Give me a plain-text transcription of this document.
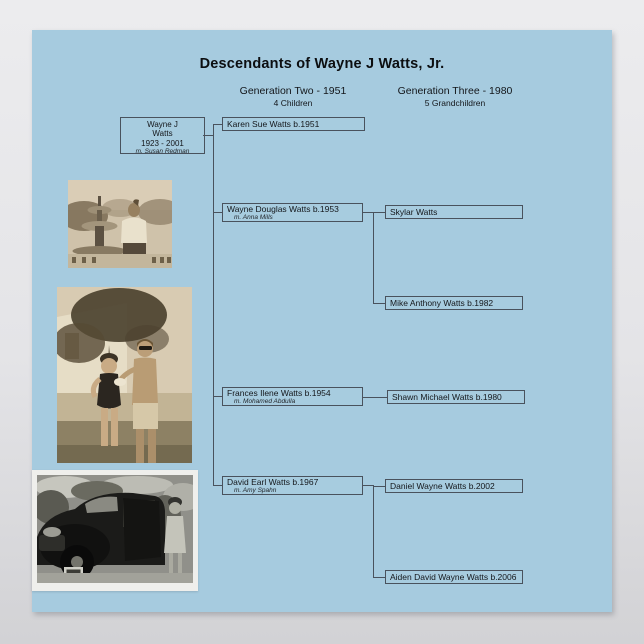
Descendants of Wayne J Watts, Jr.
Generation Two - 1951
4 Children
Generation Three - 1980
5 Grandchildren
Wayne J
Watts
1923 - 2001
m. Susan Redman
Karen Sue Watts b.1951
Wayne Douglas Watts b.1953
m. Anna Mills
Frances Ilene Watts b.1954
m. Mohamed Abdulla
David Earl Watts b.1967
m. Amy Spahn
Skylar Watts
Mike Anthony Watts b.1982
Shawn Michael Watts b.1980
Daniel Wayne Watts b.2002
Aiden David Wayne Watts b.2006
